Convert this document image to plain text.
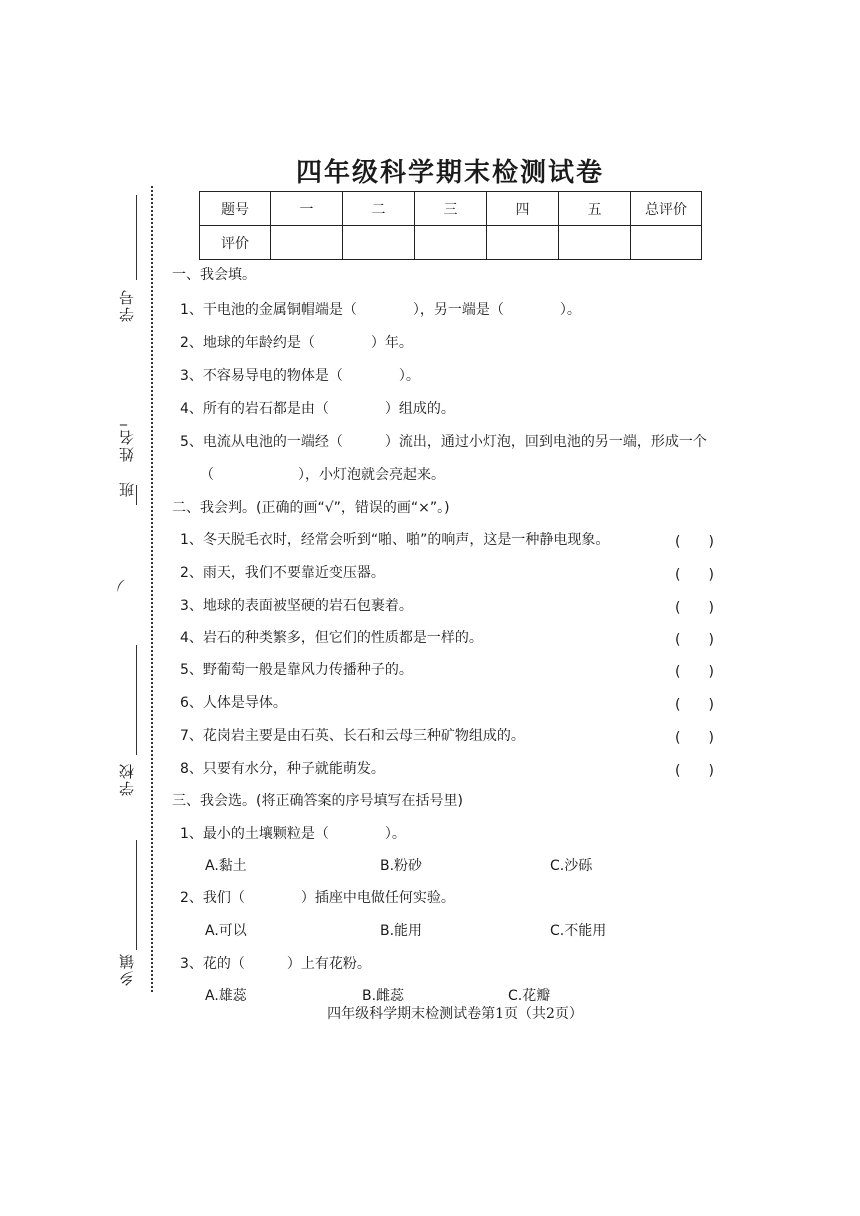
学号
_
姓名
班
⌒
学校
乡镇
四年级科学期末检测试卷
题号	一	二	三	四	五	总评价
评价						
一、我会填。
1、干电池的金属铜帽端是（　　　　），另一端是（　　　　）。
2、地球的年龄约是（　　　　）年。
3、不容易导电的物体是（　　　　）。
4、所有的岩石都是由（　　　　）组成的。
5、电流从电池的一端经（　　　）流出，通过小灯泡，回到电池的另一端，形成一个
（　　　　　　），小灯泡就会亮起来。
二、我会判。(正确的画“√”，错误的画“×”。)
1、冬天脱毛衣时，经常会听到“啪、啪”的响声，这是一种静电现象。	(　　)
2、雨天，我们不要靠近变压器。	(　　)
3、地球的表面被坚硬的岩石包裹着。	(　　)
4、岩石的种类繁多，但它们的性质都是一样的。	(　　)
5、野葡萄一般是靠风力传播种子的。	(　　)
6、人体是导体。	(　　)
7、花岗岩主要是由石英、长石和云母三种矿物组成的。	(　　)
8、只要有水分，种子就能萌发。	(　　)
三、我会选。(将正确答案的序号填写在括号里)
1、最小的土壤颗粒是（　　　　）。
A.黏土	B.粉砂	C.沙砾
2、我们（　　　　）插座中电做任何实验。
A.可以	B.能用	C.不能用
3、花的（　　　）上有花粉。
A.雄蕊	B.雌蕊	C.花瓣
四年级科学期末检测试卷第1页（共2页）
